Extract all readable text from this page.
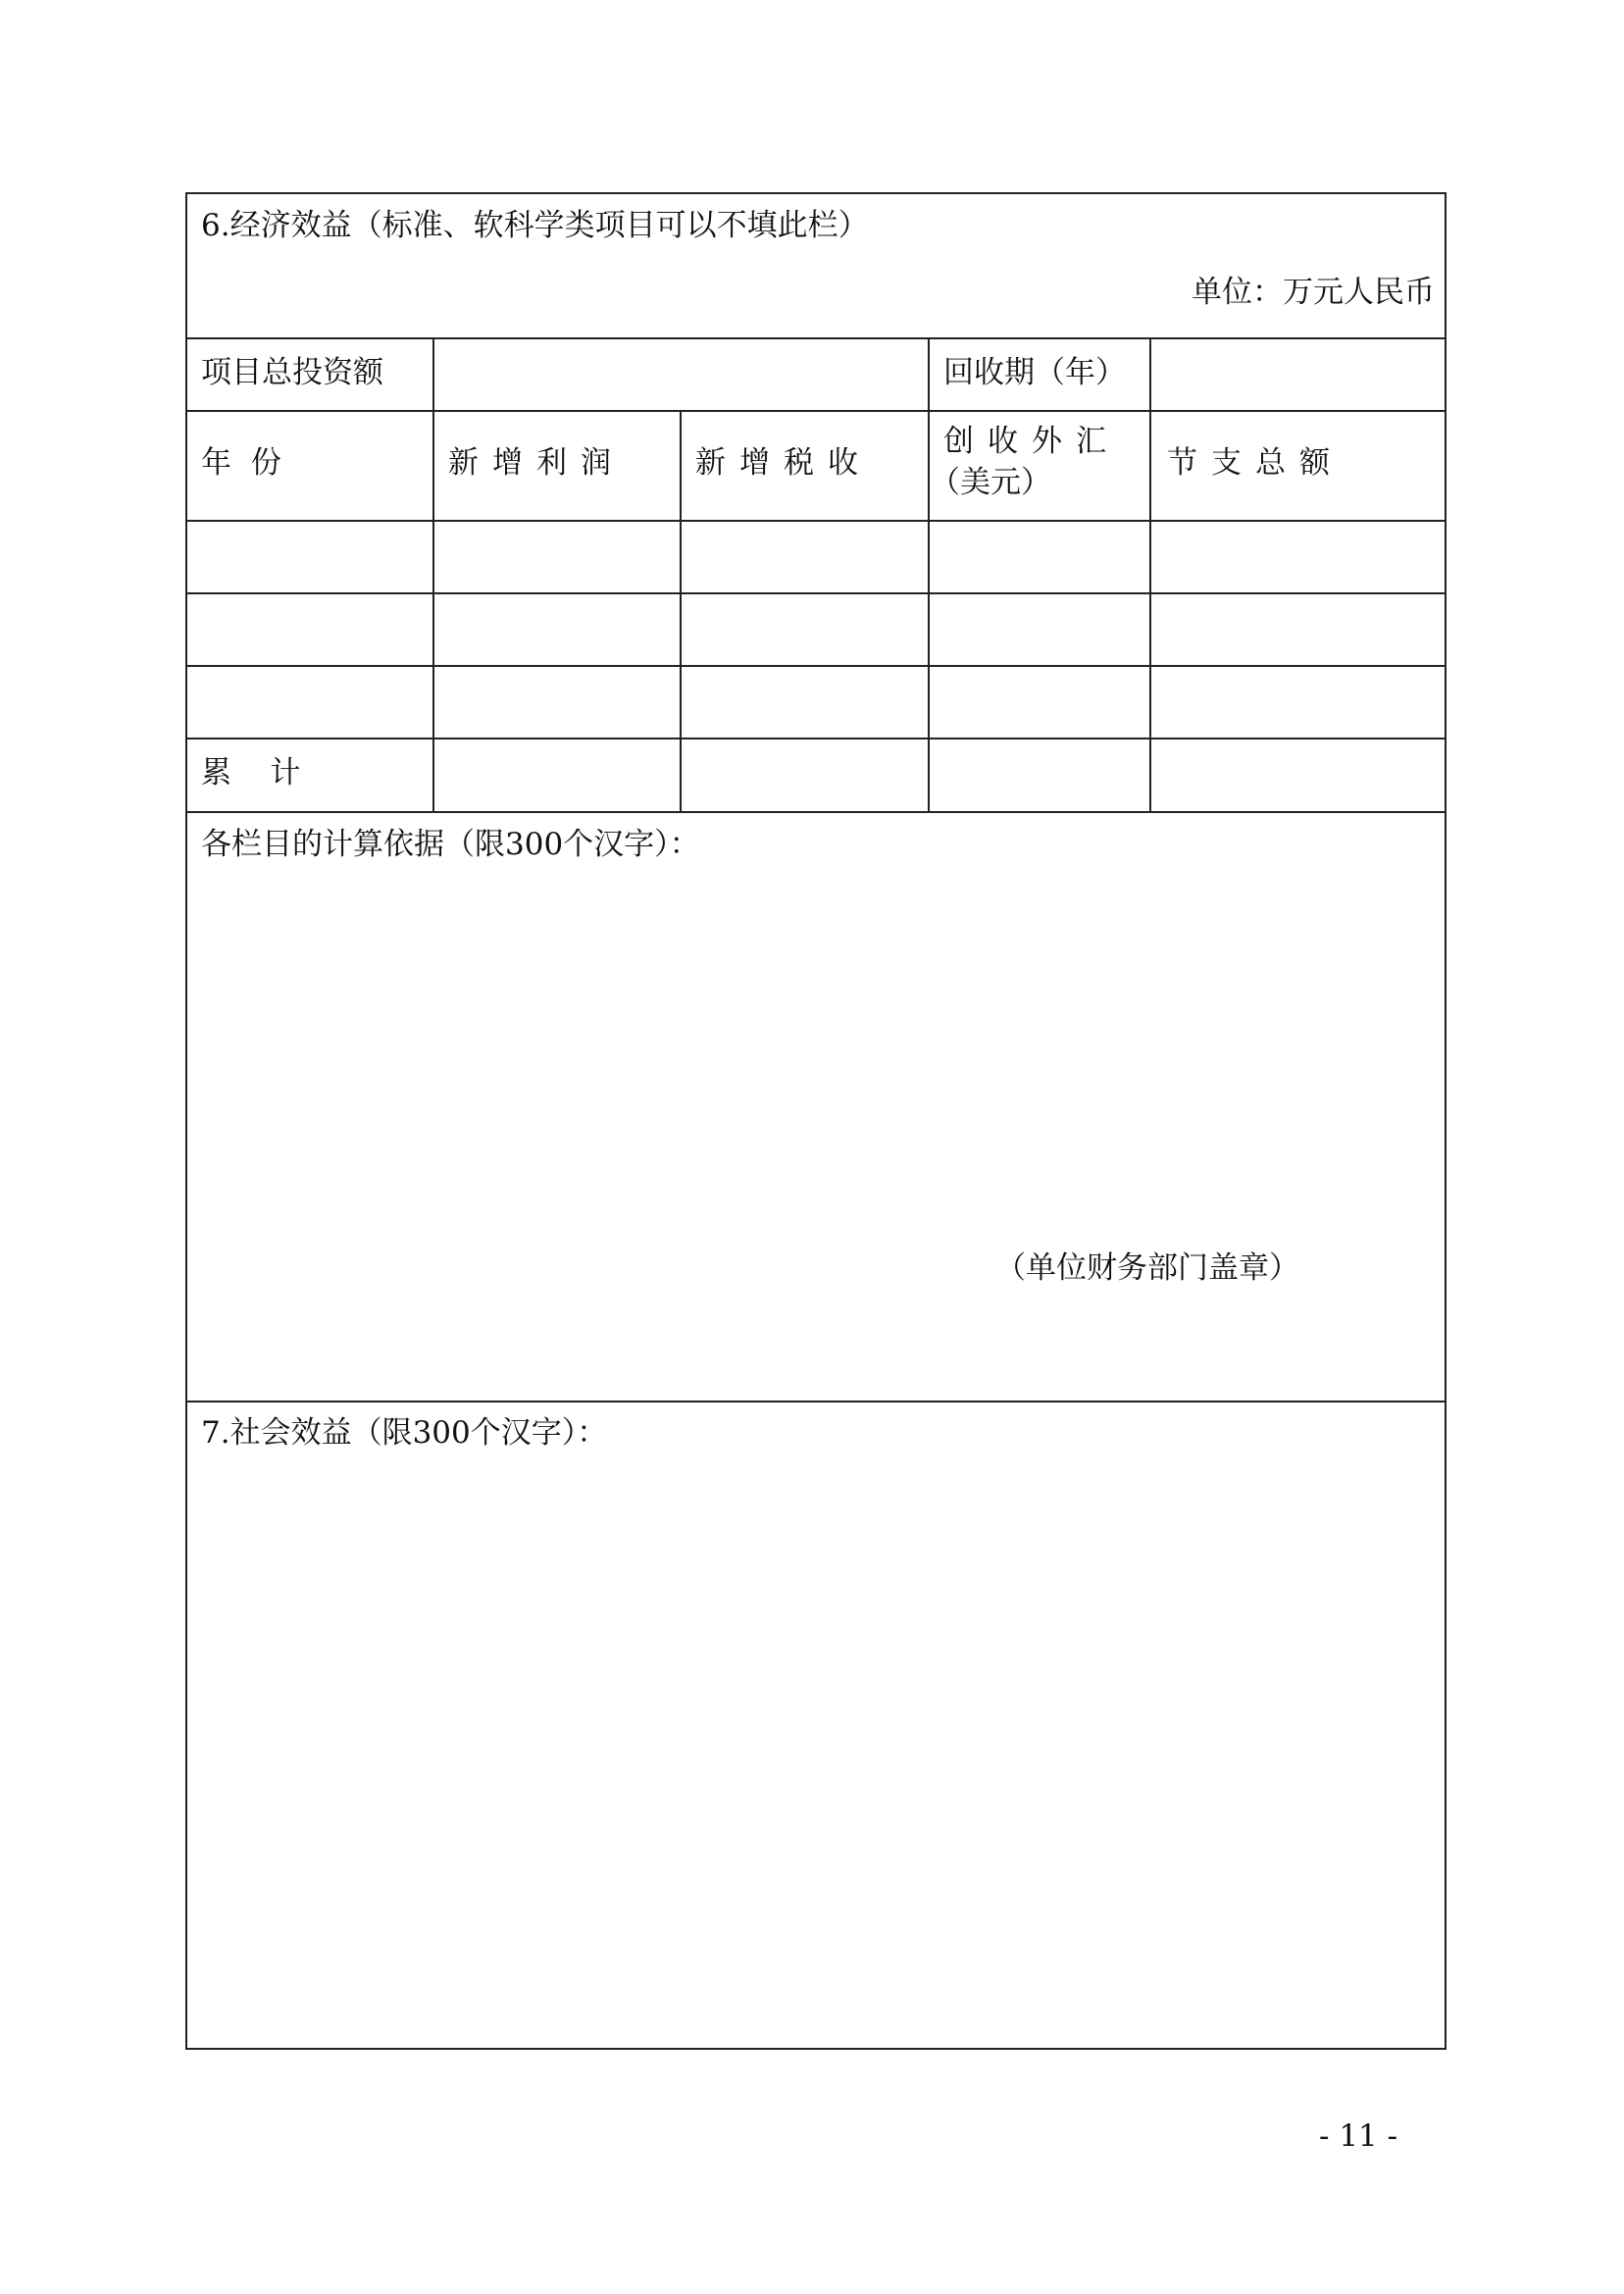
6.经济效益（标准、软科学类项目可以不填此栏）
单位：万元人民币
项目总投资额	回收期（年）
年  份	新增利润 新增税收
创收外汇
（美元）
节支总额
累    计
各栏目的计算依据（限300个汉字）：
（单位财务部门盖章）
7.社会效益（限300个汉字）：
- 11 -
